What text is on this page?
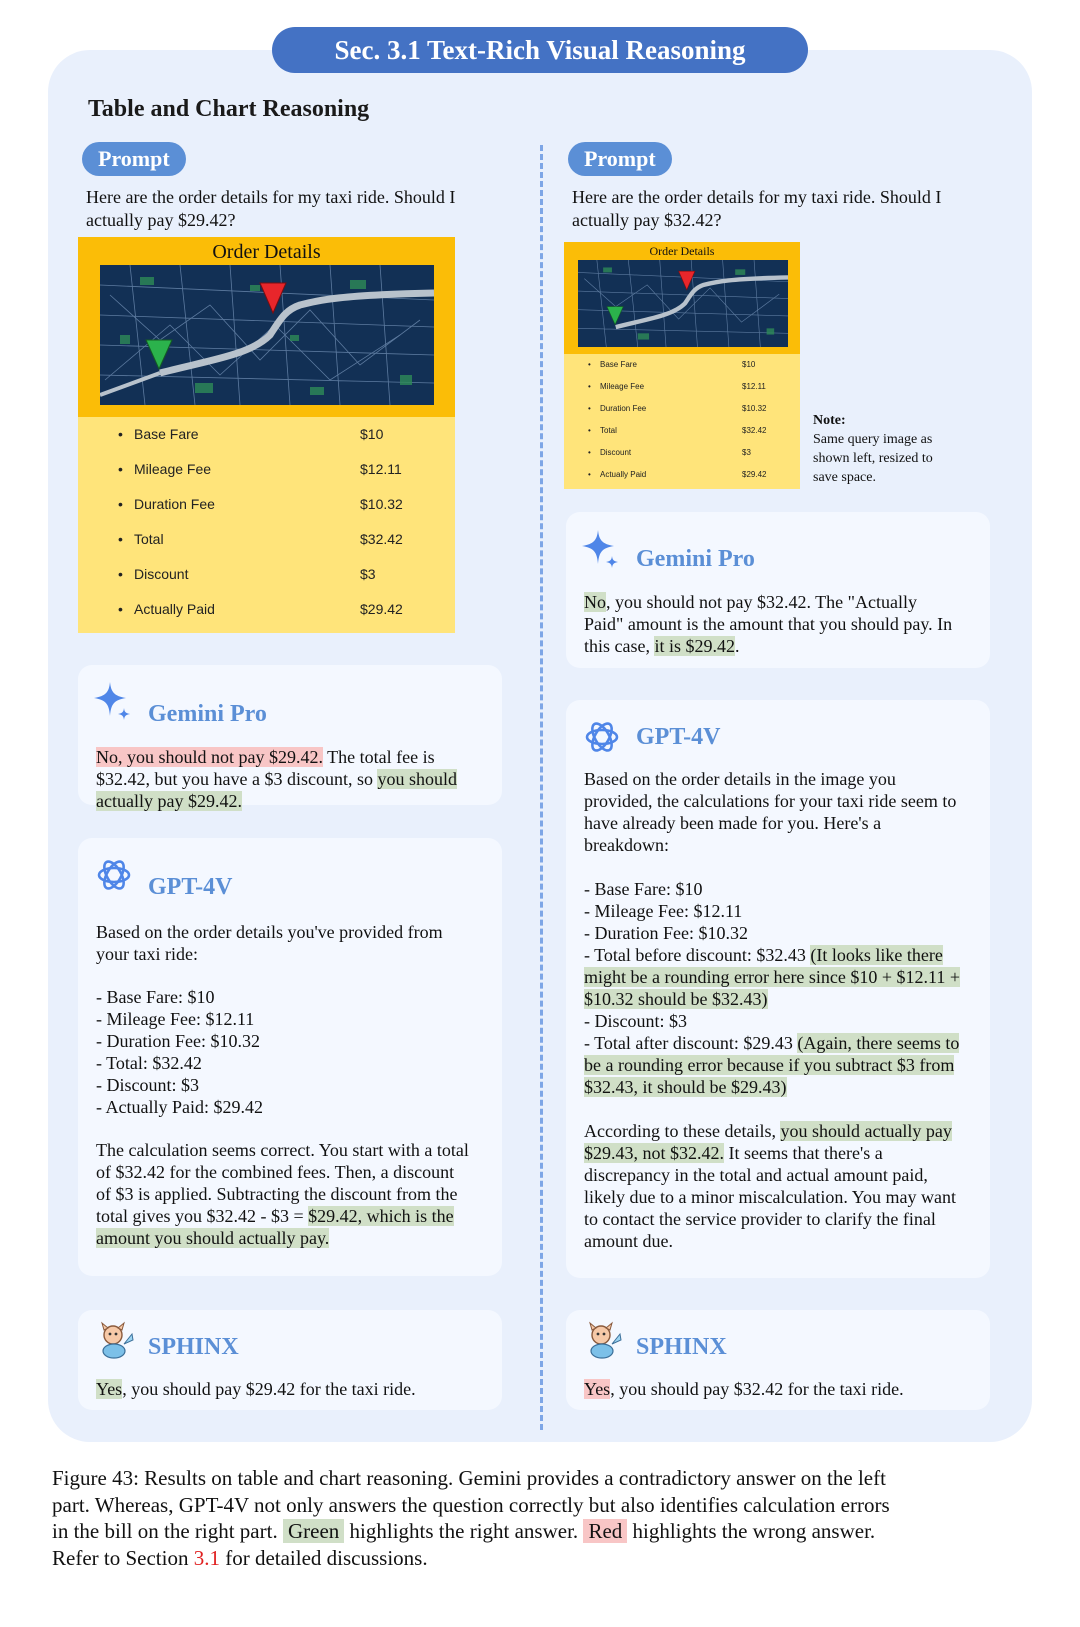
Sec. 3.1 Text-Rich Visual Reasoning
Table and Chart Reasoning
Prompt
Here are the order details for my taxi ride. Should I
actually pay $29.42?
Order Details
• Base Fare	$10
• Mileage Fee	$12.11
• Duration Fee	$10.32
• Total	$32.42
• Discount	$3
• Actually Paid	$29.42
Gemini Pro
No, you should not pay $29.42. The total fee is
$32.42, but you have a $3 discount, so you should
actually pay $29.42.
GPT-4V
Based on the order details you've provided from
your taxi ride:
- Base Fare: $10
- Mileage Fee: $12.11
- Duration Fee: $10.32
- Total: $32.42
- Discount: $3
- Actually Paid: $29.42
The calculation seems correct. You start with a total
of $32.42 for the combined fees. Then, a discount
of $3 is applied. Subtracting the discount from the
total gives you $32.42 - $3 = $29.42, which is the
amount you should actually pay.
SPHINX
Yes, you should pay $29.42 for the taxi ride.
Prompt
Here are the order details for my taxi ride. Should I
actually pay $32.42?
Order Details
• Base Fare	$10
• Mileage Fee	$12.11
• Duration Fee	$10.32
• Total	$32.42
• Discount	$3
• Actually Paid	$29.42
Note:
Same query image as
shown left, resized to
save space.
Gemini Pro
No, you should not pay $32.42. The "Actually
Paid" amount is the amount that you should pay. In
this case, it is $29.42.
GPT-4V
Based on the order details in the image you
provided, the calculations for your taxi ride seem to
have already been made for you. Here's a
breakdown:
- Base Fare: $10
- Mileage Fee: $12.11
- Duration Fee: $10.32
- Total before discount: $32.43 (It looks like there
might be a rounding error here since $10 + $12.11 +
$10.32 should be $32.43)
- Discount: $3
- Total after discount: $29.43 (Again, there seems to
be a rounding error because if you subtract $3 from
$32.43, it should be $29.43)
According to these details, you should actually pay
$29.43, not $32.42. It seems that there's a
discrepancy in the total and actual amount paid,
likely due to a minor miscalculation. You may want
to contact the service provider to clarify the final
amount due.
SPHINX
Yes, you should pay $32.42 for the taxi ride.
Figure 43: Results on table and chart reasoning. Gemini provides a contradictory answer on the left
part. Whereas, GPT-4V not only answers the question correctly but also identifies calculation errors
in the bill on the right part. Green highlights the right answer. Red highlights the wrong answer.
Refer to Section 3.1 for detailed discussions.
